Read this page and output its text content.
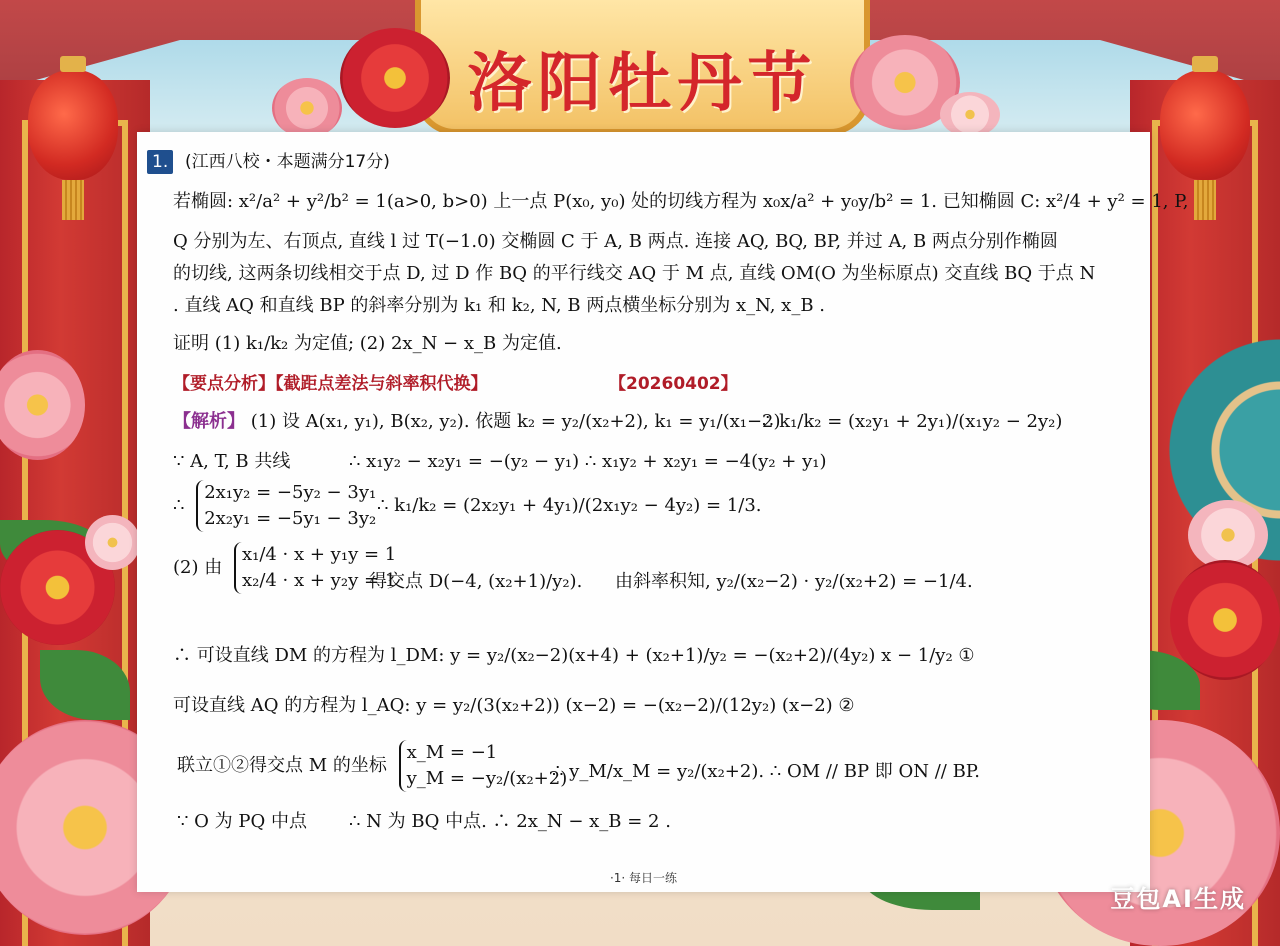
洛阳牡丹节
1. (江西八校・本题满分17分)
若椭圆: x²/a² + y²/b² = 1(a>0, b>0) 上一点 P(x₀, y₀) 处的切线方程为 x₀x/a² + y₀y/b² = 1. 已知椭圆 C: x²/4 + y² = 1, P,
Q 分别为左、右顶点, 直线 l 过 T(−1.0) 交椭圆 C 于 A, B 两点. 连接 AQ, BQ, BP, 并过 A, B 两点分别作椭圆
的切线, 这两条切线相交于点 D, 过 D 作 BQ 的平行线交 AQ 于 M 点, 直线 OM(O 为坐标原点) 交直线 BQ 于点 N
. 直线 AQ 和直线 BP 的斜率分别为 k₁ 和 k₂, N, B 两点横坐标分别为 x_N, x_B .
证明 (1) k₁/k₂ 为定值; (2) 2x_N − x_B 为定值.
【要点分析】【截距点差法与斜率积代换】	【20260402】
【解析】 (1) 设 A(x₁, y₁), B(x₂, y₂). 依题 k₂ = y₂/(x₂+2), k₁ = y₁/(x₁−2)
∴ k₁/k₂ = (x₂y₁ + 2y₁)/(x₁y₂ − 2y₂)
∵ A, T, B 共线	∴ x₁y₂ − x₂y₁ = −(y₂ − y₁) ∴ x₁y₂ + x₂y₁ = −4(y₂ + y₁)
∴
2x₁y₂ = −5y₂ − 3y₁
2x₂y₁ = −5y₁ − 3y₂
∴ k₁/k₂ = (2x₂y₁ + 4y₁)/(2x₁y₂ − 4y₂) = 1/3.
(2) 由
x₁/4 · x + y₁y = 1
x₂/4 · x + y₂y = 1
得交点 D(−4, (x₂+1)/y₂). 由斜率积知, y₂/(x₂−2) · y₂/(x₂+2) = −1/4.
∴ 可设直线 DM 的方程为 l_DM: y = y₂/(x₂−2)(x+4) + (x₂+1)/y₂ = −(x₂+2)/(4y₂) x − 1/y₂ ①
可设直线 AQ 的方程为 l_AQ: y = y₂/(3(x₂+2)) (x−2) = −(x₂−2)/(12y₂) (x−2) ②
联立①②得交点 M 的坐标
x_M = −1
y_M = −y₂/(x₂+2)
∴ y_M/x_M = y₂/(x₂+2). ∴ OM // BP 即 ON // BP.
∵ O 为 PQ 中点 ∴ N 为 BQ 中点. ∴ 2x_N − x_B = 2 .
·1· 每日一练
豆包AI生成
